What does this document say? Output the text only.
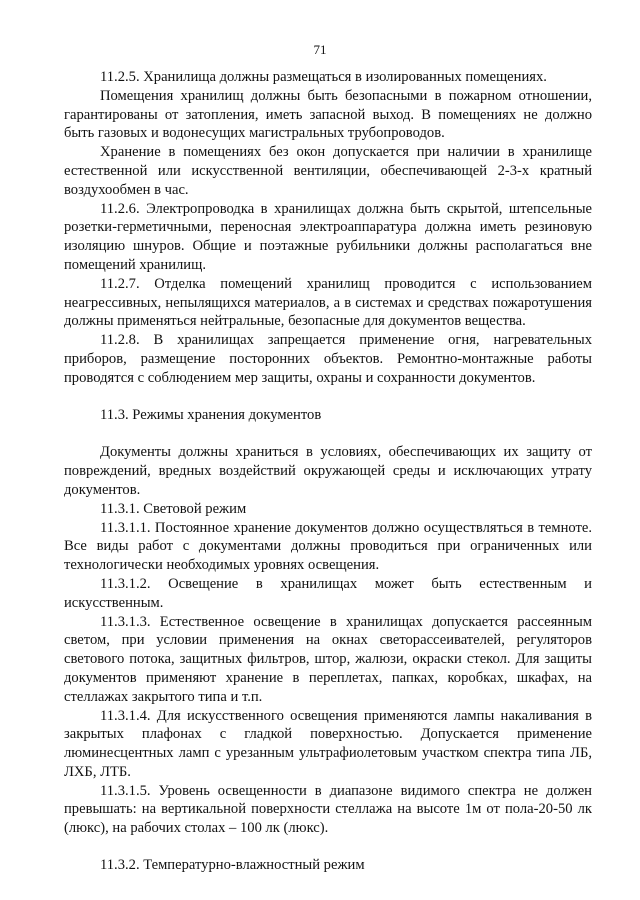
71

11.2.5. Хранилища должны размещаться в изолированных помещениях.

Помещения хранилищ должны быть безопасными в пожарном отношении, гарантированы от затопления, иметь запасной выход. В помещениях не должно быть газовых и водонесущих магистральных трубопроводов.

Хранение в помещениях без окон допускается при наличии в хранилище естественной или искусственной вентиляции, обеспечивающей 2-3-х кратный воздухообмен в час.

11.2.6. Электропроводка в хранилищах должна быть скрытой, штепсельные розетки-герметичными, переносная электроаппаратура должна иметь резиновую изоляцию шнуров. Общие и поэтажные рубильники должны располагаться вне помещений хранилищ.

11.2.7. Отделка помещений хранилищ проводится с использованием неагрессивных, непылящихся материалов, а в системах и средствах пожаротушения должны применяться нейтральные, безопасные для документов вещества.

11.2.8. В хранилищах запрещается применение огня, нагревательных приборов, размещение посторонних объектов. Ремонтно-монтажные работы проводятся с соблюдением мер защиты, охраны и сохранности документов.

11.3. Режимы хранения документов

Документы должны храниться в условиях, обеспечивающих их защиту от повреждений, вредных воздействий окружающей среды и исключающих утрату документов.

11.3.1. Световой режим

11.3.1.1. Постоянное хранение документов должно осуществляться в темноте. Все виды работ с документами должны проводиться при ограниченных или технологически необходимых уровнях освещения.

11.3.1.2. Освещение в хранилищах может быть естественным и искусственным.

11.3.1.3. Естественное освещение в хранилищах допускается рассеянным светом, при условии применения на окнах светорассеивателей, регуляторов светового потока, защитных фильтров, штор, жалюзи, окраски стекол. Для защиты документов применяют хранение в переплетах, папках, коробках, шкафах, на стеллажах закрытого типа и т.п.

11.3.1.4. Для искусственного освещения применяются лампы накаливания в закрытых плафонах с гладкой поверхностью. Допускается применение люминесцентных ламп с урезанным ультрафиолетовым участком спектра типа ЛБ, ЛХБ, ЛТБ.

11.3.1.5. Уровень освещенности в диапазоне видимого спектра не должен превышать: на вертикальной поверхности стеллажа на высоте 1м от пола-20-50 лк (люкс), на рабочих столах – 100 лк (люкс).

11.3.2. Температурно-влажностный режим
